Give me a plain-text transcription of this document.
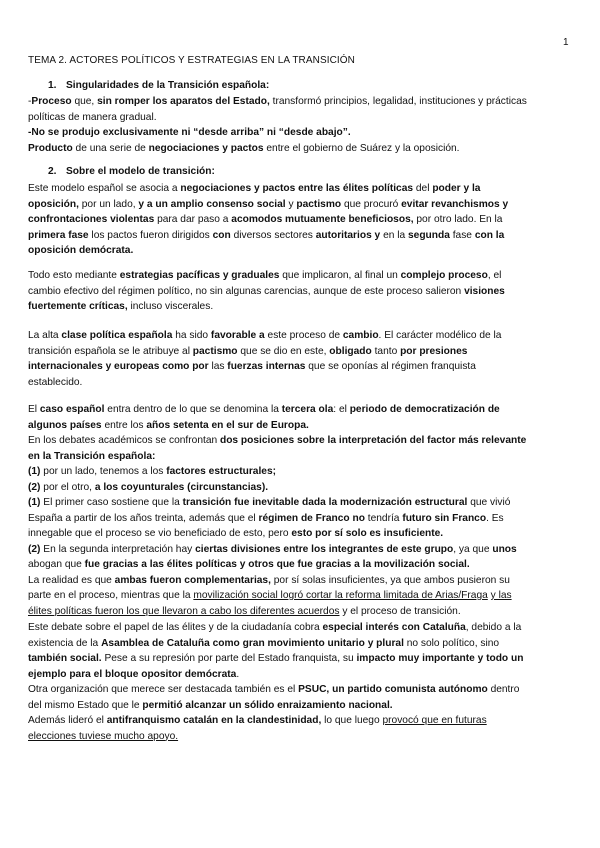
1
TEMA 2. ACTORES POLÍTICOS Y ESTRATEGIAS EN LA TRANSICIÓN
1. Singularidades de la Transición española:
-Proceso que, sin romper los aparatos del Estado, transformó principios, legalidad, instituciones y prácticas
políticas de manera gradual.
-No se produjo exclusivamente ni “desde arriba” ni “desde abajo”.
Producto de una serie de negociaciones y pactos entre el gobierno de Suárez y la oposición.
2. Sobre el modelo de transición:
Este modelo español se asocia a negociaciones y pactos entre las élites políticas del poder y la
oposición, por un lado, y a un amplio consenso social y pactismo que procuró evitar revanchismos y
confrontaciones violentas para dar paso a acomodos mutuamente beneficiosos, por otro lado. En la
primera fase los pactos fueron dirigidos con diversos sectores autoritarios y en la segunda fase con la
oposición demócrata.
Todo esto mediante estrategias pacíficas y graduales que implicaron, al final un complejo proceso, el
cambio efectivo del régimen político, no sin algunas carencias, aunque de este proceso salieron visiones
fuertemente críticas, incluso viscerales.
La alta clase política española ha sido favorable a este proceso de cambio. El carácter modélico de la
transición española se le atribuye al pactismo que se dio en este, obligado tanto por presiones
internacionales y europeas como por las fuerzas internas que se oponías al régimen franquista
establecido.
El caso español entra dentro de lo que se denomina la tercera ola: el periodo de democratización de
algunos países entre los años setenta en el sur de Europa.
En los debates académicos se confrontan dos posiciones sobre la interpretación del factor más relevante
en la Transición española:
(1) por un lado, tenemos a los factores estructurales;
(2) por el otro, a los coyunturales (circunstancias).
(1) El primer caso sostiene que la transición fue inevitable dada la modernización estructural que vivió
España a partir de los años treinta, además que el régimen de Franco no tendría futuro sin Franco. Es
innegable que el proceso se vio beneficiado de esto, pero esto por sí solo es insuficiente.
(2) En la segunda interpretación hay ciertas divisiones entre los integrantes de este grupo, ya que unos
abogan que fue gracias a las élites políticas y otros que fue gracias a la movilización social.
La realidad es que ambas fueron complementarias, por sí solas insuficientes, ya que ambos pusieron su
parte en el proceso, mientras que la movilización social logró cortar la reforma limitada de Arias/Fraga y las
élites políticas fueron los que llevaron a cabo los diferentes acuerdos y el proceso de transición.
Este debate sobre el papel de las élites y de la ciudadanía cobra especial interés con Cataluña, debido a la
existencia de la Asamblea de Cataluña como gran movimiento unitario y plural no solo político, sino
también social. Pese a su represión por parte del Estado franquista, su impacto muy importante y todo un
ejemplo para el bloque opositor demócrata.
Otra organización que merece ser destacada también es el PSUC, un partido comunista autónomo dentro
del mismo Estado que le permitió alcanzar un sólido enraizamiento nacional.
Además lideró el antifranquismo catalán en la clandestinidad, lo que luego provocó que en futuras
elecciones tuviese mucho apoyo.
